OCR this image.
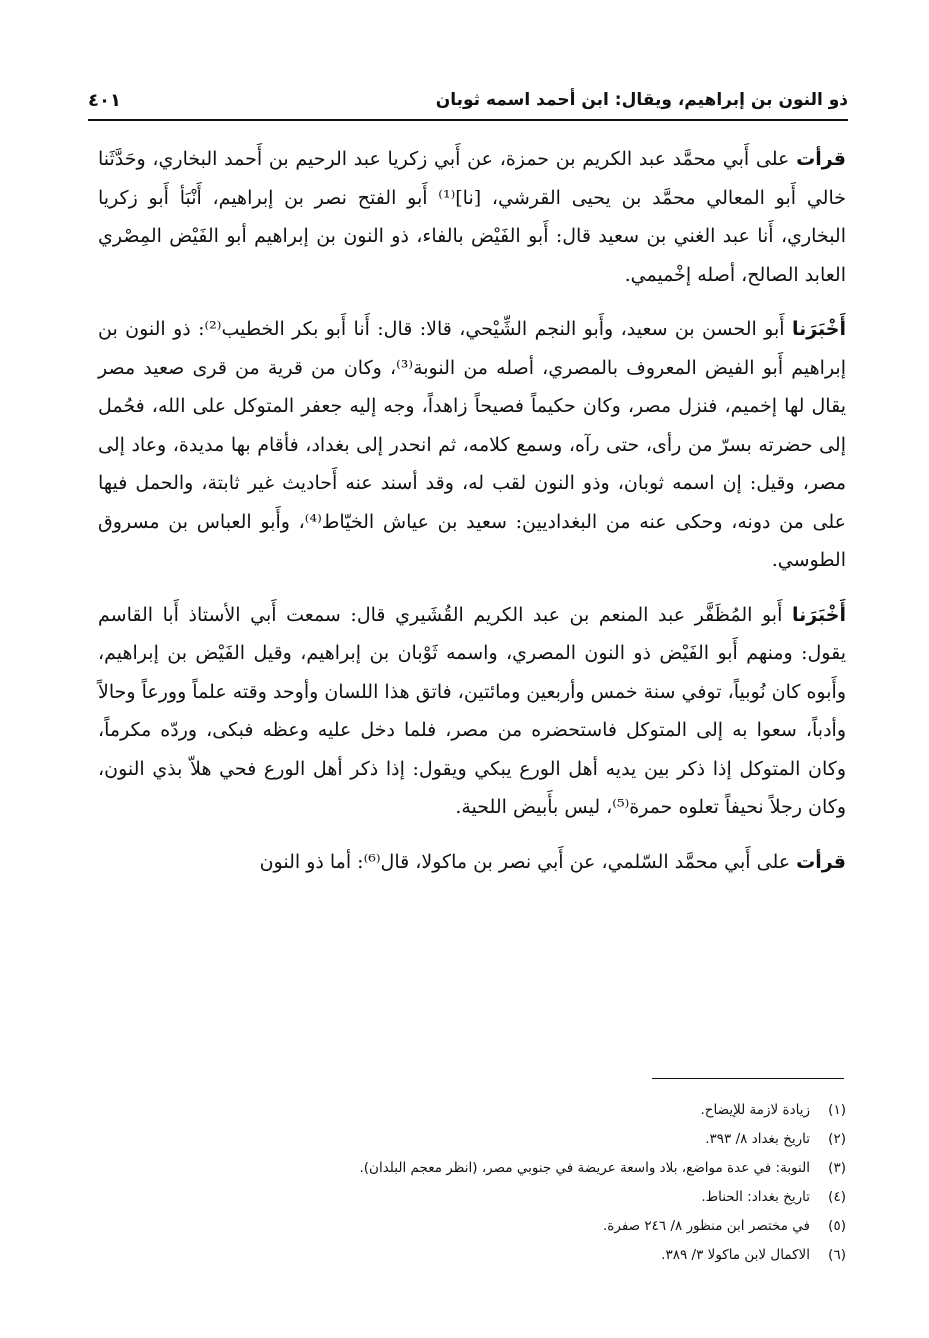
ذو النون بن إبراهيم، ويقال: ابن أحمد اسمه ثوبان
٤٠١

قرأت على أَبي محمَّد عبد الكريم بن حمزة، عن أَبي زكريا عبد الرحيم بن أَحمد البخاري، وحَدَّثَنا خالي أَبو المعالي محمَّد بن يحيى القرشي، [نا]⁽¹⁾ أَبو الفتح نصر بن إبراهيم، أَنْبَأ أَبو زكريا البخاري، أَنا عبد الغني بن سعيد قال: أَبو الفَيْض بالفاء، ذو النون بن إبراهيم أبو الفَيْض المِصْري العابد الصالح، أصله إخْميمي.

أَخْبَرَنا أَبو الحسن بن سعيد، وأَبو النجم الشِّيْحي، قالا: قال: أَنا أَبو بكر الخطيب⁽²⁾: ذو النون بن إبراهيم أَبو الفيض المعروف بالمصري، أصله من النوبة⁽³⁾، وكان من قرية من قرى صعيد مصر يقال لها إخميم، فنزل مصر، وكان حكيماً فصيحاً زاهداً، وجه إليه جعفر المتوكل على الله، فحُمل إلى حضرته بسرّ من رأى، حتى رآه، وسمع كلامه، ثم انحدر إلى بغداد، فأقام بها مديدة، وعاد إلى مصر، وقيل: إن اسمه ثوبان، وذو النون لقب له، وقد أسند عنه أَحاديث غير ثابتة، والحمل فيها على من دونه، وحكى عنه من البغداديين: سعيد بن عياش الخيّاط⁽⁴⁾، وأَبو العباس بن مسروق الطوسي.

أَخْبَرَنا أَبو المُظَفَّر عبد المنعم بن عبد الكريم القُشَيري قال: سمعت أَبي الأستاذ أَبا القاسم يقول: ومنهم أَبو الفَيْض ذو النون المصري، واسمه ثَوْبان بن إبراهيم، وقيل الفَيْض بن إبراهيم، وأَبوه كان نُوبياً، توفي سنة خمس وأربعين ومائتين، فاتق هذا اللسان وأوحد وقته علماً وورعاً وحالاً وأدباً، سعوا به إلى المتوكل فاستحضره من مصر، فلما دخل عليه وعظه فبكى، وردّه مكرماً، وكان المتوكل إذا ذكر بين يديه أهل الورع يبكي ويقول: إذا ذكر أهل الورع فحي هلاّ بذي النون، وكان رجلاً نحيفاً تعلوه حمرة⁽⁵⁾، ليس بأَبيض اللحية.

قرأت على أَبي محمَّد السّلمي، عن أَبي نصر بن ماكولا، قال⁽⁶⁾: أما ذو النون

(١)
زيادة لازمة للإيضاح.
(٢)
تاريخ بغداد ٨/ ٣٩٣.
(٣)
النوبة: في عدة مواضع، بلاد واسعة عريضة في جنوبي مصر، (انظر معجم البلدان).
(٤)
تاريخ بغداد: الحناط.
(٥)
في مختصر ابن منظور ٨/ ٢٤٦ صفرة.
(٦)
الاكمال لابن ماكولا ٣/ ٣٨٩.
